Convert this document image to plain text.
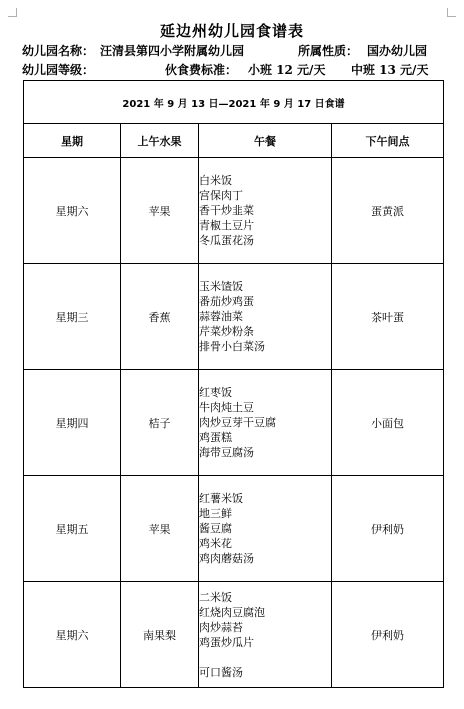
延边州幼儿园食谱表
幼儿园名称： 汪清县第四小学附属幼儿园	所属性质： 国办幼儿园
幼儿园等级：	伙食费标准： 小班 12 元/天 中班 13 元/天
2021 年 9 月 13 日—2021 年 9 月 17 日食谱			
星期	上午水果	午餐	下午间点
星期六	苹果	白米饭
宫保肉丁
香干炒韭菜
青椒土豆片
冬瓜蛋花汤	蛋黄派
星期三	香蕉	玉米馇饭
番茄炒鸡蛋
蒜蓉油菜
芹菜炒粉条
排骨小白菜汤	茶叶蛋
星期四	桔子	红枣饭
牛肉炖土豆
肉炒豆芽干豆腐
鸡蛋糕
海带豆腐汤	小面包
星期五	苹果	红薯米饭
地三鲜
酱豆腐
鸡米花
鸡肉蘑菇汤	伊利奶
星期六	南果梨	二米饭
红烧肉豆腐泡
肉炒蒜苔
鸡蛋炒瓜片
可口酱汤	伊利奶
